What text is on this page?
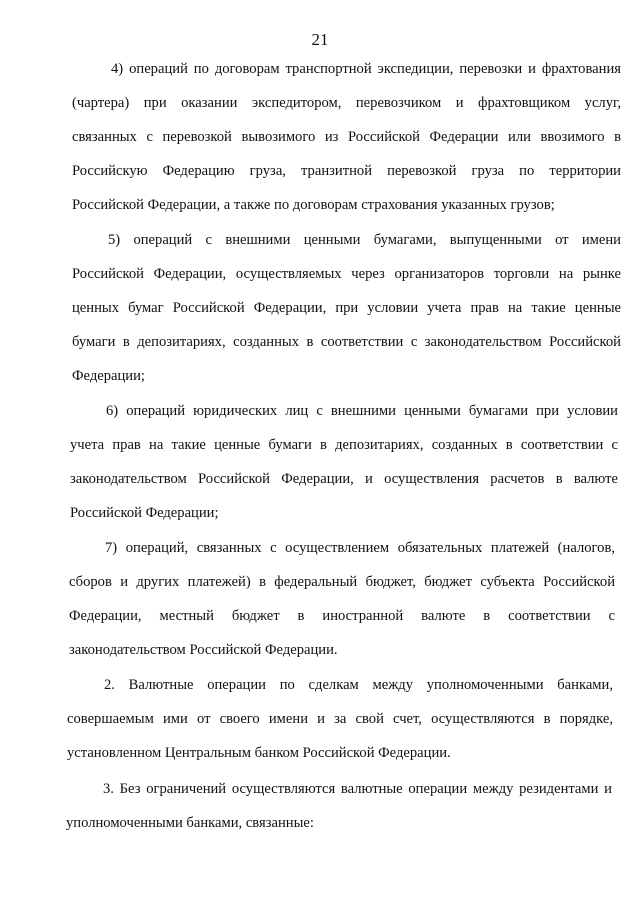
21
4) операций по договорам транспортной экспедиции, перевозки и фрахтования
(чартера) при оказании экспедитором, перевозчиком и фрахтовщиком услуг,
связанных с перевозкой вывозимого из Российской Федерации или ввозимого в
Российскую Федерацию груза, транзитной перевозкой груза по территории
Российской Федерации, а также по договорам страхования указанных грузов;
5) операций с внешними ценными бумагами, выпущенными от имени
Российской Федерации, осуществляемых через организаторов торговли на рынке
ценных бумаг Российской Федерации, при условии учета прав на такие ценные
бумаги в депозитариях, созданных в соответствии с законодательством Российской
Федерации;
6) операций юридических лиц с внешними ценными бумагами при условии
учета прав на такие ценные бумаги в депозитариях, созданных в соответствии с
законодательством Российской Федерации, и осуществления расчетов в валюте
Российской Федерации;
7) операций, связанных с осуществлением обязательных платежей (налогов,
сборов и других платежей) в федеральный бюджет, бюджет субъекта Российской
Федерации, местный бюджет в иностранной валюте в соответствии с
законодательством Российской Федерации.
2. Валютные операции по сделкам между уполномоченными банками,
совершаемым ими от своего имени и за свой счет, осуществляются в порядке,
установленном Центральным банком Российской Федерации.
3. Без ограничений осуществляются валютные операции между резидентами и
уполномоченными банками, связанные:
